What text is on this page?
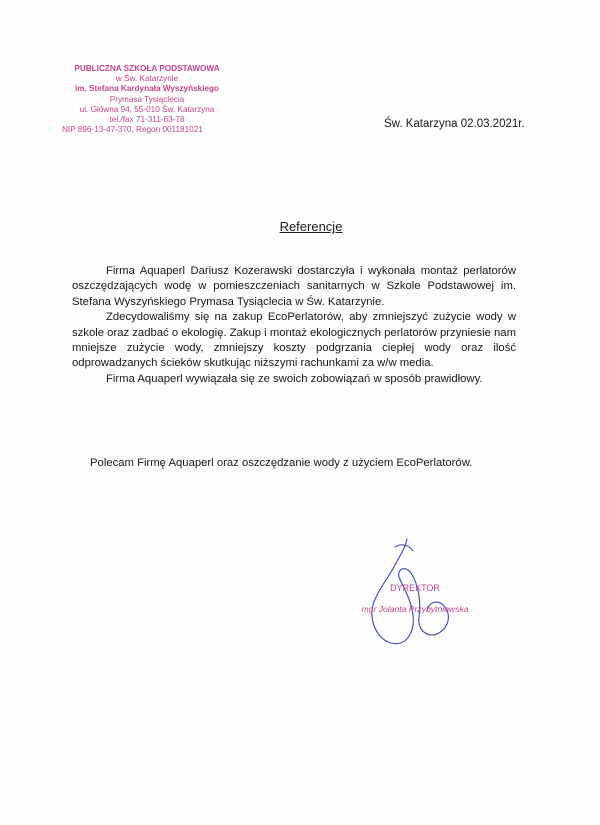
PUBLICZNA SZKOŁA PODSTAWOWA
w Św. Katarzynie
im. Stefana Kardynała Wyszyńskiego
Prymasa Tysiąclecia
ul. Główna 94, 55-010 Św. Katarzyna
tel./fax 71-311-63-78
NIP 896-13-47-370, Regon 001181021	Św. Katarzyna 02.03.2021r.
Referencje

Firma Aquaperl Dariusz Kozerawski dostarczyła i wykonała montaż perlatorów oszczędzających wodę w pomieszczeniach sanitarnych w Szkole Podstawowej im. Stefana Wyszyńskiego Prymasa Tysiąclecia w Św. Katarzynie.

Zdecydowaliśmy się na zakup EcoPerlatorów, aby zmniejszyć zużycie wody w szkole oraz zadbać o ekologię. Zakup i montaż ekologicznych perlatorów przyniesie nam mniejsze zużycie wody, zmniejszy koszty podgrzania ciepłej wody oraz ilość odprowadzanych ścieków skutkując niższymi rachunkami za w/w media.

Firma Aquaperl wywiązała się ze swoich zobowiązań w sposób prawidłowy.

Polecam Firmę Aquaperl oraz oszczędzanie wody z użyciem EcoPerlatorów.
DYREKTOR
mgr Jolanta Przybytniowska
· · ·
